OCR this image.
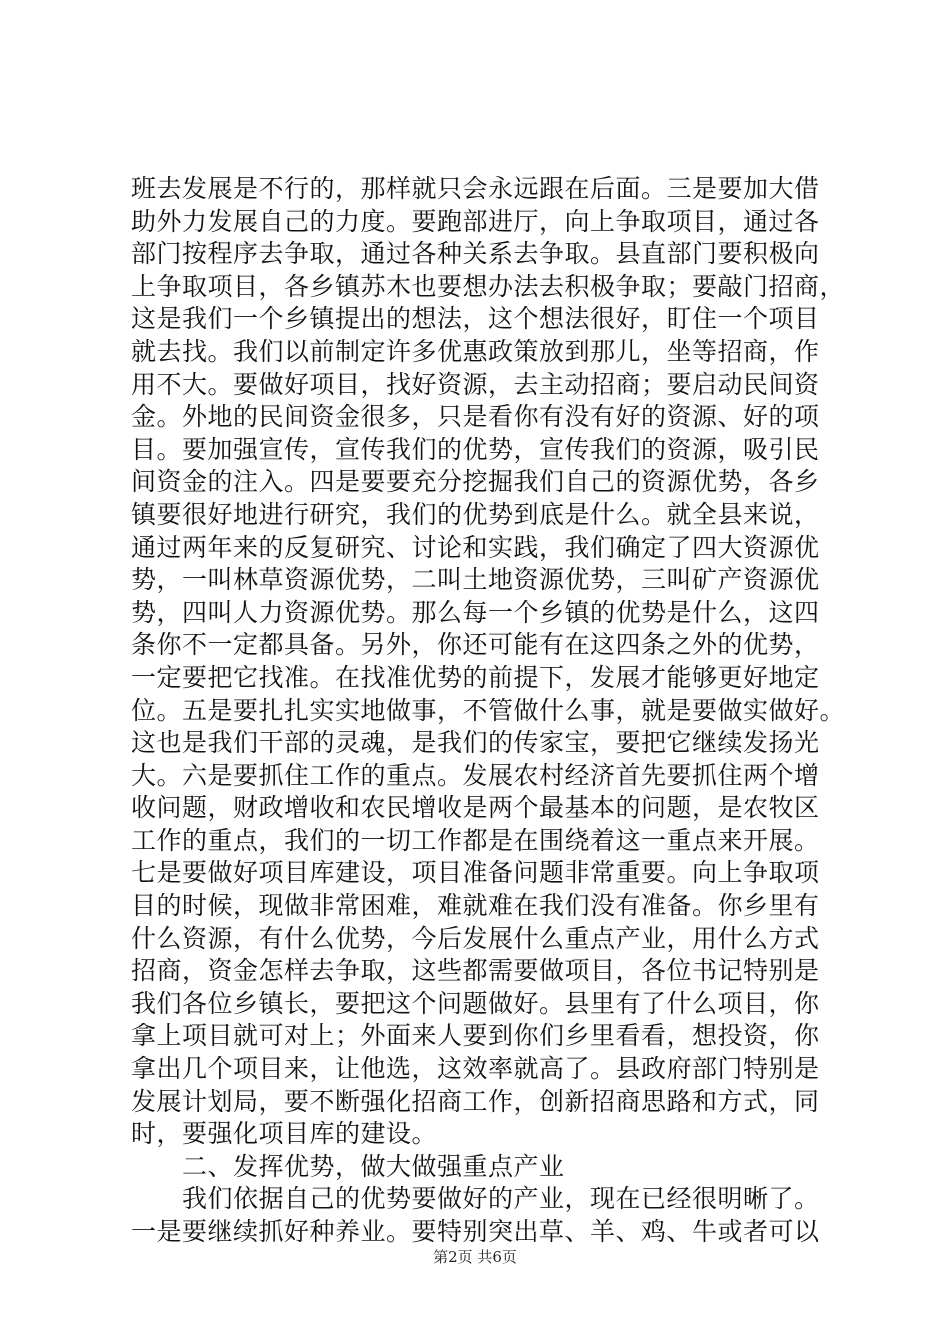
班去发展是不行的，那样就只会永远跟在后面。三是要加大借
助外力发展自己的力度。要跑部进厅，向上争取项目，通过各
部门按程序去争取，通过各种关系去争取。县直部门要积极向
上争取项目，各乡镇苏木也要想办法去积极争取；要敲门招商，
这是我们一个乡镇提出的想法，这个想法很好，盯住一个项目
就去找。我们以前制定许多优惠政策放到那儿，坐等招商，作
用不大。要做好项目，找好资源，去主动招商；要启动民间资
金。外地的民间资金很多，只是看你有没有好的资源、好的项
目。要加强宣传，宣传我们的优势，宣传我们的资源，吸引民
间资金的注入。四是要要充分挖掘我们自己的资源优势，各乡
镇要很好地进行研究，我们的优势到底是什么。就全县来说，
通过两年来的反复研究、讨论和实践，我们确定了四大资源优
势，一叫林草资源优势，二叫土地资源优势，三叫矿产资源优
势，四叫人力资源优势。那么每一个乡镇的优势是什么，这四
条你不一定都具备。另外，你还可能有在这四条之外的优势，
一定要把它找准。在找准优势的前提下，发展才能够更好地定
位。五是要扎扎实实地做事，不管做什么事，就是要做实做好。
这也是我们干部的灵魂，是我们的传家宝，要把它继续发扬光
大。六是要抓住工作的重点。发展农村经济首先要抓住两个增
收问题，财政增收和农民增收是两个最基本的问题，是农牧区
工作的重点，我们的一切工作都是在围绕着这一重点来开展。
七是要做好项目库建设，项目准备问题非常重要。向上争取项
目的时候，现做非常困难，难就难在我们没有准备。你乡里有
什么资源，有什么优势，今后发展什么重点产业，用什么方式
招商，资金怎样去争取，这些都需要做项目，各位书记特别是
我们各位乡镇长，要把这个问题做好。县里有了什么项目，你
拿上项目就可对上；外面来人要到你们乡里看看，想投资，你
拿出几个项目来，让他选，这效率就高了。县政府部门特别是
发展计划局，要不断强化招商工作，创新招商思路和方式，同
时，要强化项目库的建设。
　　二、发挥优势，做大做强重点产业
　　我们依据自己的优势要做好的产业，现在已经很明晰了。
一是要继续抓好种养业。要特别突出草、羊、鸡、牛或者可以
第2页 共6页
